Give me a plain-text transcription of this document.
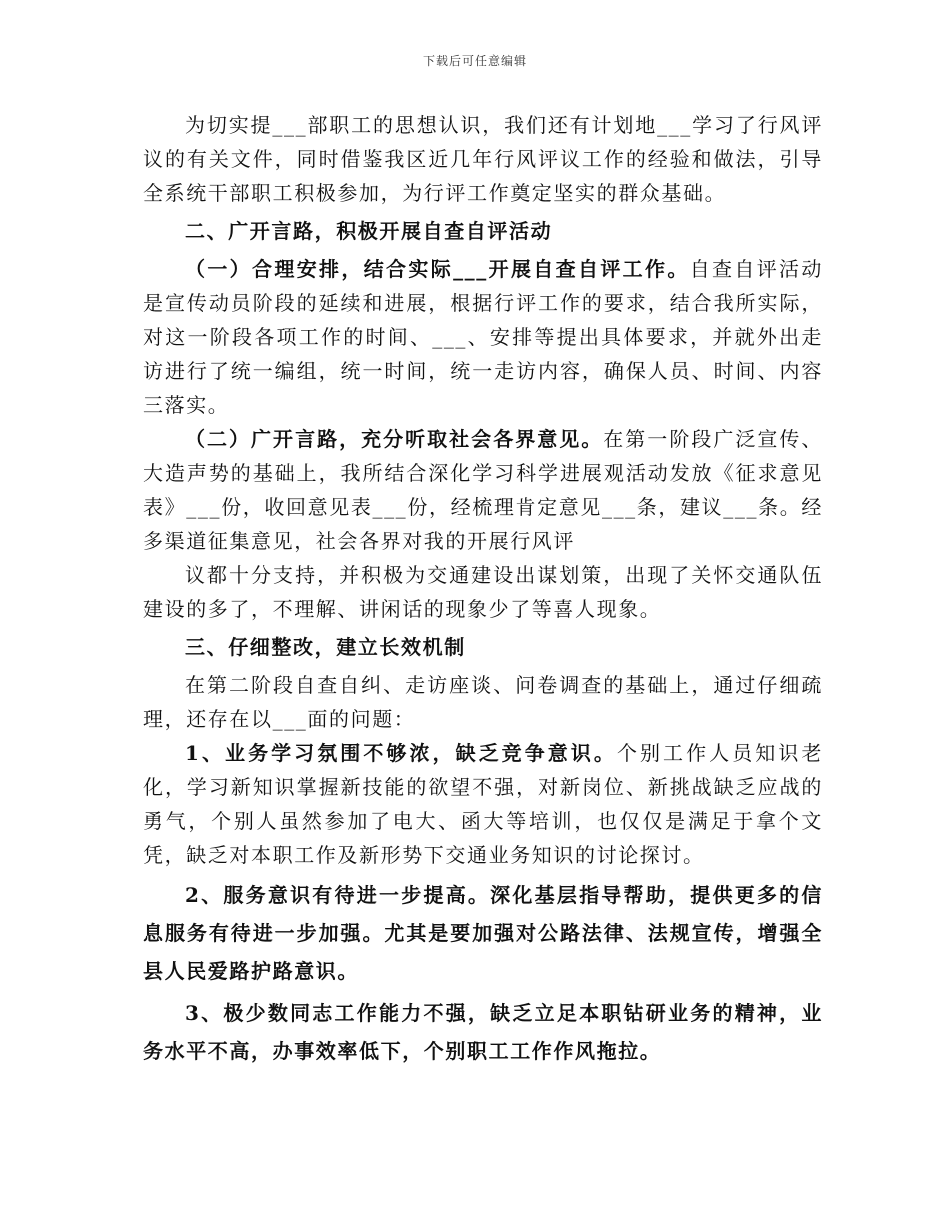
下载后可任意编辑

为切实提___部职工的思想认识，我们还有计划地___学习了行风评议的有关文件，同时借鉴我区近几年行风评议工作的经验和做法，引导全系统干部职工积极参加，为行评工作奠定坚实的群众基础。

二、广开言路，积极开展自查自评活动

（一）合理安排，结合实际___开展自查自评工作。自查自评活动是宣传动员阶段的延续和进展，根据行评工作的要求，结合我所实际，对这一阶段各项工作的时间、___、安排等提出具体要求，并就外出走访进行了统一编组，统一时间，统一走访内容，确保人员、时间、内容三落实。

（二）广开言路，充分听取社会各界意见。在第一阶段广泛宣传、大造声势的基础上，我所结合深化学习科学进展观活动发放《征求意见表》___份，收回意见表___份，经梳理肯定意见___条，建议___条。经多渠道征集意见，社会各界对我的开展行风评

议都十分支持，并积极为交通建设出谋划策，出现了关怀交通队伍建设的多了，不理解、讲闲话的现象少了等喜人现象。

三、仔细整改，建立长效机制

在第二阶段自查自纠、走访座谈、问卷调查的基础上，通过仔细疏理，还存在以___面的问题：

1、业务学习氛围不够浓，缺乏竞争意识。个别工作人员知识老化，学习新知识掌握新技能的欲望不强，对新岗位、新挑战缺乏应战的勇气，个别人虽然参加了电大、函大等培训，也仅仅是满足于拿个文凭，缺乏对本职工作及新形势下交通业务知识的讨论探讨。

2、服务意识有待进一步提高。深化基层指导帮助，提供更多的信息服务有待进一步加强。尤其是要加强对公路法律、法规宣传，增强全县人民爱路护路意识。

3、极少数同志工作能力不强，缺乏立足本职钻研业务的精神，业务水平不高，办事效率低下，个别职工工作作风拖拉。
